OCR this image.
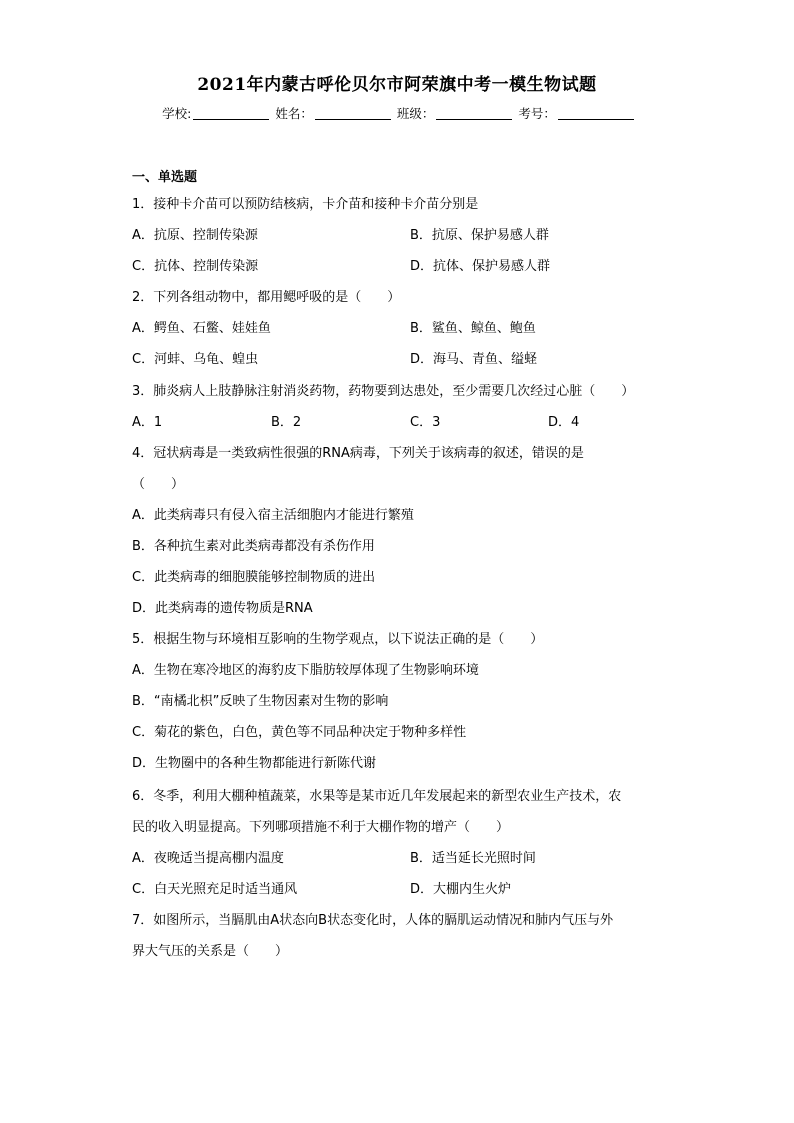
2021年内蒙古呼伦贝尔市阿荣旗中考一模生物试题
学校:	姓名：	班级：	考号：
一、单选题
1．接种卡介苗可以预防结核病，卡介苗和接种卡介苗分别是
A．抗原、控制传染源	B．抗原、保护易感人群
C．抗体、控制传染源	D．抗体、保护易感人群
2．下列各组动物中，都用鳃呼吸的是（　　）
A．鳄鱼、石鳖、娃娃鱼	B．鲨鱼、鲸鱼、鲍鱼
C．河蚌、乌龟、蝗虫	D．海马、青鱼、缢蛏
3．肺炎病人上肢静脉注射消炎药物，药物要到达患处，至少需要几次经过心脏（　　）
A．1	B．2	C．3	D．4
4．冠状病毒是一类致病性很强的RNA病毒，下列关于该病毒的叙述，错误的是
（　　）
A．此类病毒只有侵入宿主活细胞内才能进行繁殖
B．各种抗生素对此类病毒都没有杀伤作用
C．此类病毒的细胞膜能够控制物质的进出
D．此类病毒的遗传物质是RNA
5．根据生物与环境相互影响的生物学观点，以下说法正确的是（　　）
A．生物在寒冷地区的海豹皮下脂肪较厚体现了生物影响环境
B．“南橘北枳”反映了生物因素对生物的影响
C．菊花的紫色，白色，黄色等不同品种决定于物种多样性
D．生物圈中的各种生物都能进行新陈代谢
6．冬季，利用大棚种植蔬菜，水果等是某市近几年发展起来的新型农业生产技术，农
民的收入明显提高。下列哪项措施不利于大棚作物的增产（　　）
A．夜晚适当提高棚内温度	B．适当延长光照时间
C．白天光照充足时适当通风	D．大棚内生火炉
7．如图所示，当膈肌由A状态向B状态变化时，人体的膈肌运动情况和肺内气压与外
界大气压的关系是（　　）
